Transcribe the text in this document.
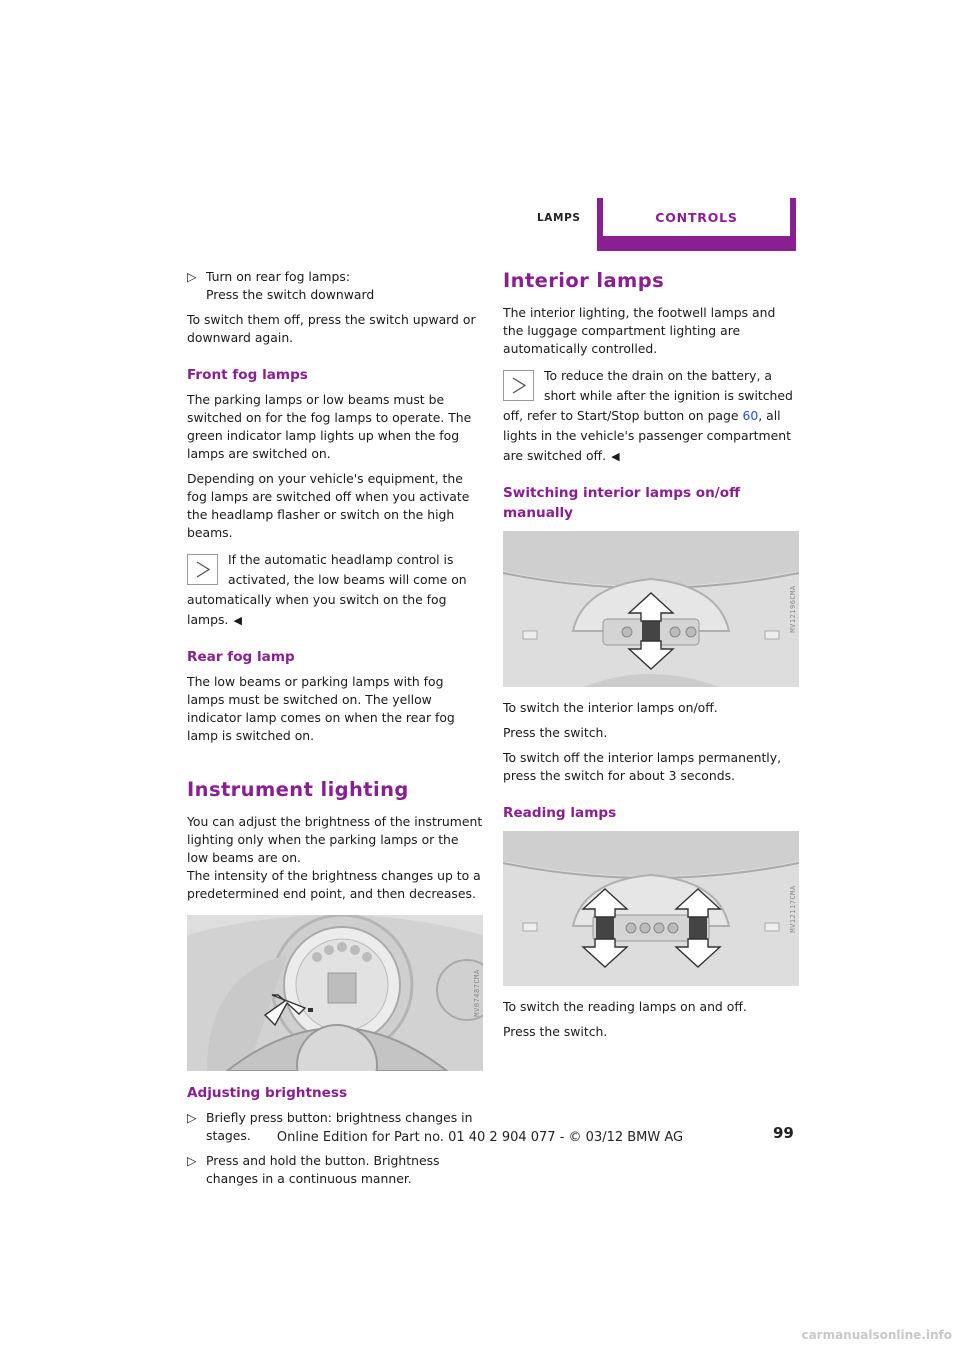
LAMPS	CONTROLS
▷ Turn on rear fog lamps:
Press the switch downward

To switch them off, press the switch upward or downward again.

Front fog lamps

The parking lamps or low beams must be switched on for the fog lamps to operate. The green indicator lamp lights up when the fog lamps are switched on.

Depending on your vehicle's equipment, the fog lamps are switched off when you activate the headlamp flasher or switch on the high beams.

If the automatic headlamp control is activated, the low beams will come on automatically when you switch on the fog lamps. ◀
Rear fog lamp

The low beams or parking lamps with fog lamps must be switched on. The yellow indicator lamp comes on when the rear fog lamp is switched on.

Instrument lighting

You can adjust the brightness of the instrument lighting only when the parking lamps or the low beams are on.
The intensity of the brightness changes up to a predetermined end point, and then decreases.

MV07487CMA
Adjusting brightness
▷ Briefly press button: brightness changes in stages.
▷ Press and hold the button. Brightness changes in a continuous manner.
Interior lamps

The interior lighting, the footwell lamps and the luggage compartment lighting are automatically controlled.

To reduce the drain on the battery, a short while after the ignition is switched off, refer to Start/Stop button on page 60, all lights in the vehicle's passenger compartment are switched off. ◀
Switching interior lamps on/off manually
MV12196CMA

To switch the interior lamps on/off.

Press the switch.

To switch off the interior lamps permanently, press the switch for about 3 seconds.

Reading lamps
MV12117CMA

To switch the reading lamps on and off.

Press the switch.

99
Online Edition for Part no. 01 40 2 904 077 - © 03/12 BMW AG
carmanualsonline.info
